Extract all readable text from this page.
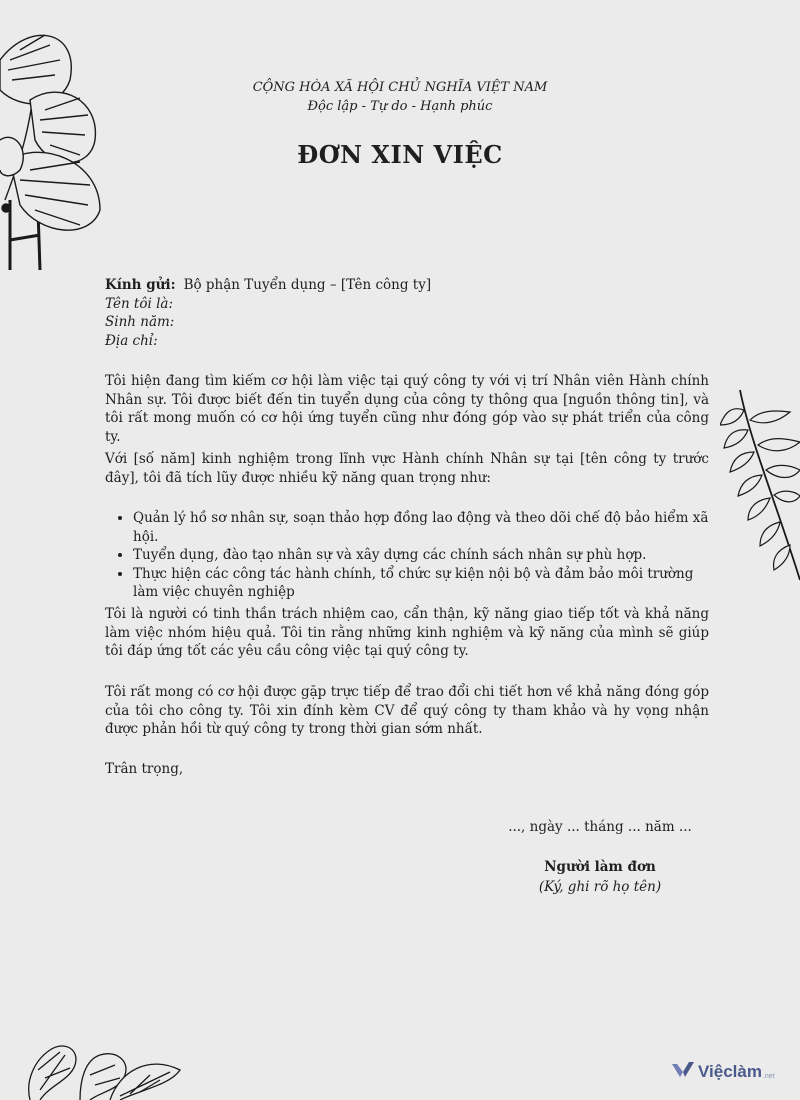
CỘNG HÒA XÃ HỘI CHỦ NGHĨA VIỆT NAM
Độc lập - Tự do - Hạnh phúc
ĐƠN XIN VIỆC
Kính gửi: Bộ phận Tuyển dụng – [Tên công ty]
Tên tôi là:
Sinh năm:
Địa chỉ:
Tôi hiện đang tìm kiếm cơ hội làm việc tại quý công ty với vị trí Nhân viên Hành chính Nhân sự. Tôi được biết đến tin tuyển dụng của công ty thông qua [nguồn thông tin], và tôi rất mong muốn có cơ hội ứng tuyển cũng như đóng góp vào sự phát triển của công ty.
Với [số năm] kinh nghiệm trong lĩnh vực Hành chính Nhân sự tại [tên công ty trước đây], tôi đã tích lũy được nhiều kỹ năng quan trọng như:
• Quản lý hồ sơ nhân sự, soạn thảo hợp đồng lao động và theo dõi chế độ bảo hiểm xã hội.
• Tuyển dụng, đào tạo nhân sự và xây dựng các chính sách nhân sự phù hợp.
• Thực hiện các công tác hành chính, tổ chức sự kiện nội bộ và đảm bảo môi trường làm việc chuyên nghiệp
Tôi là người có tinh thần trách nhiệm cao, cẩn thận, kỹ năng giao tiếp tốt và khả năng làm việc nhóm hiệu quả. Tôi tin rằng những kinh nghiệm và kỹ năng của mình sẽ giúp tôi đáp ứng tốt các yêu cầu công việc tại quý công ty.
Tôi rất mong có cơ hội được gặp trực tiếp để trao đổi chi tiết hơn về khả năng đóng góp của tôi cho công ty. Tôi xin đính kèm CV để quý công ty tham khảo và hy vọng nhận được phản hồi từ quý công ty trong thời gian sớm nhất.
Trân trọng,
..., ngày ... tháng ... năm ...
Người làm đơn
(Ký, ghi rõ họ tên)
Việclàm .net
